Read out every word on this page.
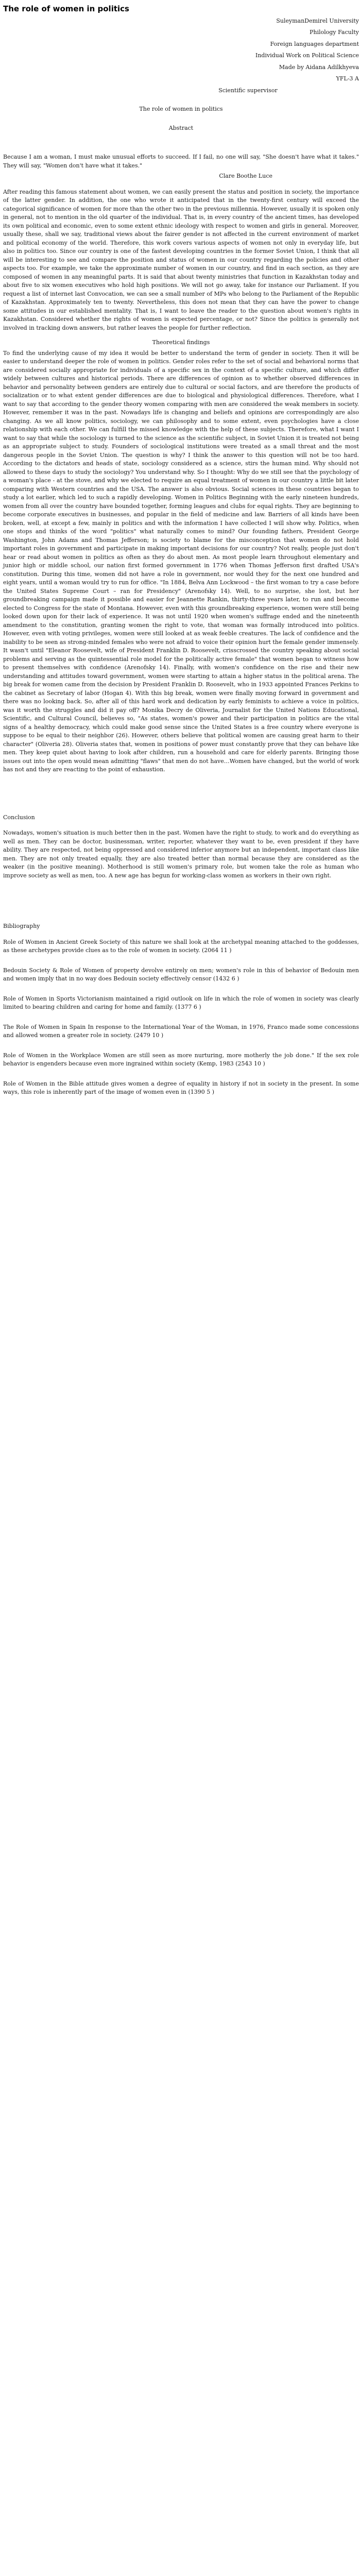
The role of women in politics
SuleymanDemirel University
Philology Faculty
Foreign languages department
Individual Work on Political Science
Made by Aidana Adilkhyeva
YFL-3 A
Scientific supervisor
The role of women in politics
Abstract
Because I am a woman, I must make unusual efforts to succeed. If I fail, no one will say, "She doesn't have what it takes." They will say, "Women don't have what it takes."
Clare Boothe Luce

After reading this famous statement about women, we can easily present the status and position in society, the importance of the latter gender. In addition, the one who wrote it anticipated that in the twenty-first century will exceed the categorical significance of women for more than the other two in the previous millennia. However, usually it is spoken only in general, not to mention in the old quarter of the individual. That is, in every country of the ancient times, has developed its own political and economic, even to some extent ethnic ideology with respect to women and girls in general. Moreover, usually these, shall we say, traditional views about the fairer gender is not affected in the current environment of market and political economy of the world. Therefore, this work covers various aspects of women not only in everyday life, but also in politics too. Since our country is one of the fastest developing countries in the former Soviet Union, I think that all will be interesting to see and compare the position and status of women in our country regarding the policies and other aspects too. For example, we take the approximate number of women in our country, and find in each section, as they are composed of women in any meaningful parts. It is said that about twenty ministries that function in Kazakhstan today and about five to six women executives who hold high positions. We will not go away, take for instance our Parliament. If you request a list of internet last Convocation, we can see a small number of MPs who belong to the Parliament of the Republic of Kazakhstan. Approximately ten to twenty. Nevertheless, this does not mean that they can have the power to change some attitudes in our established mentality. That is, I want to leave the reader to the question about women's rights in Kazakhstan. Considered whether the rights of women is expected percentage, or not? Since the politics is generally not involved in tracking down answers, but rather leaves the people for further reflection.

Theoretical findings

To find the underlying cause of my idea it would be better to understand the term of gender in society. Then it will be easier to understand deeper the role of women in politics. Gender roles refer to the set of social and behavioral norms that are considered socially appropriate for individuals of a specific sex in the context of a specific culture, and which differ widely between cultures and historical periods. There are differences of opinion as to whether observed differences in behavior and personality between genders are entirely due to cultural or social factors, and are therefore the products of socialization or to what extent gender differences are due to biological and physiological differences. Therefore, what I want to say that according to the gender theory women comparing with men are considered the weak members in society. However, remember it was in the past. Nowadays life is changing and beliefs and opinions are correspondingly are also changing. As we all know politics, sociology, we can philosophy and to some extent, even psychologies have a close relationship with each other. We can fulfill the missed knowledge with the help of these subjects. Therefore, what I want I want to say that while the sociology is turned to the science as the scientific subject, in Soviet Union it is treated not being as an appropriate subject to study. Founders of sociological institutions were treated as a small threat and the most dangerous people in the Soviet Union. The question is why? I think the answer to this question will not be too hard. According to the dictators and heads of state, sociology considered as a science, stirs the human mind. Why should not allowed to these days to study the sociology? You understand why. So I thought: Why do we still see that the psychology of a woman's place - at the stove, and why we elected to require an equal treatment of women in our country a little bit later comparing with Western countries and the USA. The answer is also obvious. Social sciences in these countries began to study a lot earlier, which led to such a rapidly developing. Women in Politics Beginning with the early nineteen hundreds, women from all over the country have bounded together, forming leagues and clubs for equal rights. They are beginning to become corporate executives in businesses, and popular in the field of medicine and law. Barriers of all kinds have been broken, well, at except a few, mainly in politics and with the information I have collected I will show why. Politics, when one stops and thinks of the word "politics" what naturally comes to mind? Our founding fathers, President George Washington, John Adams and Thomas Jefferson; is society to blame for the misconception that women do not hold important roles in government and participate in making important decisions for our country? Not really, people just don't hear or read about women in politics as often as they do about men. As most people learn throughout elementary and junior high or middle school, our nation first formed government in 1776 when Thomas Jefferson first drafted USA's constitution. During this time, women did not have a role in government, nor would they for the next one hundred and eight years, until a woman would try to run for office. "In 1884, Belva Ann Lockwood – the first woman to try a case before the United States Supreme Court – ran for Presidency" (Arenofsky 14). Well, to no surprise, she lost, but her groundbreaking campaign made it possible and easier for Jeannette Rankin, thirty-three years later, to run and become elected to Congress for the state of Montana. However, even with this groundbreaking experience, women were still being looked down upon for their lack of experience. It was not until 1920 when women's suffrage ended and the nineteenth amendment to the constitution, granting women the right to vote, that woman was formally introduced into politics. However, even with voting privileges, women were still looked at as weak feeble creatures. The lack of confidence and the inability to be seen as strong-minded females who were not afraid to voice their opinion hurt the female gender immensely. It wasn't until "Eleanor Roosevelt, wife of President Franklin D. Roosevelt, crisscrossed the country speaking about social problems and serving as the quintessential role model for the politically active female" that women began to witness how to present themselves with confidence (Arenofsky 14). Finally, with women's confidence on the rise and their new understanding and attitudes toward government, women were starting to attain a higher status in the political arena. The big break for women came from the decision by President Franklin D. Roosevelt, who in 1933 appointed Frances Perkins to the cabinet as Secretary of labor (Hogan 4). With this big break, women were finally moving forward in government and there was no looking back. So, after all of this hard work and dedication by early feminists to achieve a voice in politics, was it worth the struggles and did it pay off? Monika Decry de Oliveria, Journalist for the United Nations Educational, Scientific, and Cultural Council, believes so, "As states, women's power and their participation in politics are the vital signs of a healthy democracy, which could make good sense since the United States is a free country where everyone is suppose to be equal to their neighbor (26). However, others believe that political women are causing great harm to their character" (Oliveria 28). Oliveria states that, women in positions of power must constantly prove that they can behave like men. They keep quiet about having to look after children, run a household and care for elderly parents. Bringing those issues out into the open would mean admitting "flaws" that men do not have…Women have changed, but the world of work has not and they are reacting to the point of exhaustion.

Conclusion

Nowadays, women's situation is much better then in the past. Women have the right to study, to work and do everything as well as men. They can be doctor, businessman, writer, reporter, whatever they want to be, even president if they have ability. They are respected, not being oppressed and considered inferior anymore but an independent, important class like men. They are not only treated equally, they are also treated better than normal because they are considered as the weaker (in the positive meaning). Motherhood is still women's primary role, but women take the role as human who improve society as well as men, too. A new age has begun for working-class women as workers in their own right.

Bibliography
Role of Women in Ancient Greek Society of this nature we shall look at the archetypal meaning attached to the goddesses, as these archetypes provide clues as to the role of women in society. (2064 11 )
Bedouin Society & Role of Women of property devolve entirely on men; women's role in this of behavior of Bedouin men and women imply that in no way does Bedouin society effectively censor (1432 6 )
Role of Women in Sports Victorianism maintained a rigid outlook on life in which the role of women in society was clearly limited to bearing children and caring for home and family. (1377 6 )
The Role of Women in Spain In response to the International Year of the Woman, in 1976, Franco made some concessions and allowed women a greater role in society. (2479 10 )
Role of Women in the Workplace Women are still seen as more nurturing, more motherly the job done." If the sex role behavior is engenders because even more ingrained within society (Kemp, 1983 (2543 10 )
Role of Women in the Bible attitude gives women a degree of equality in history if not in society in the present. In some ways, this role is inherently part of the image of women even in (1390 5 )
